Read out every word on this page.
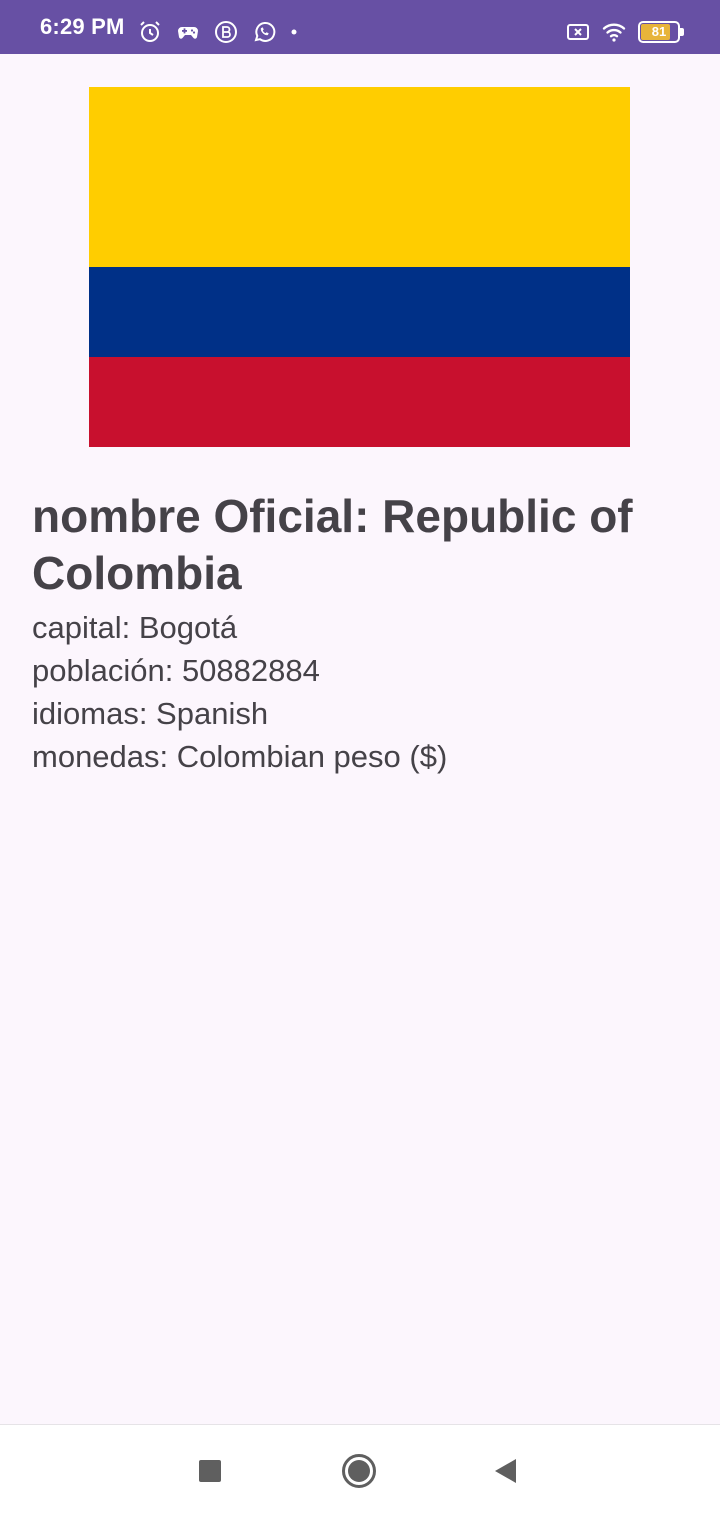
6:29 PM	81
nombre Oficial: Republic of Colombia
capital: Bogotá
población: 50882884
idiomas: Spanish
monedas: Colombian peso ($)
